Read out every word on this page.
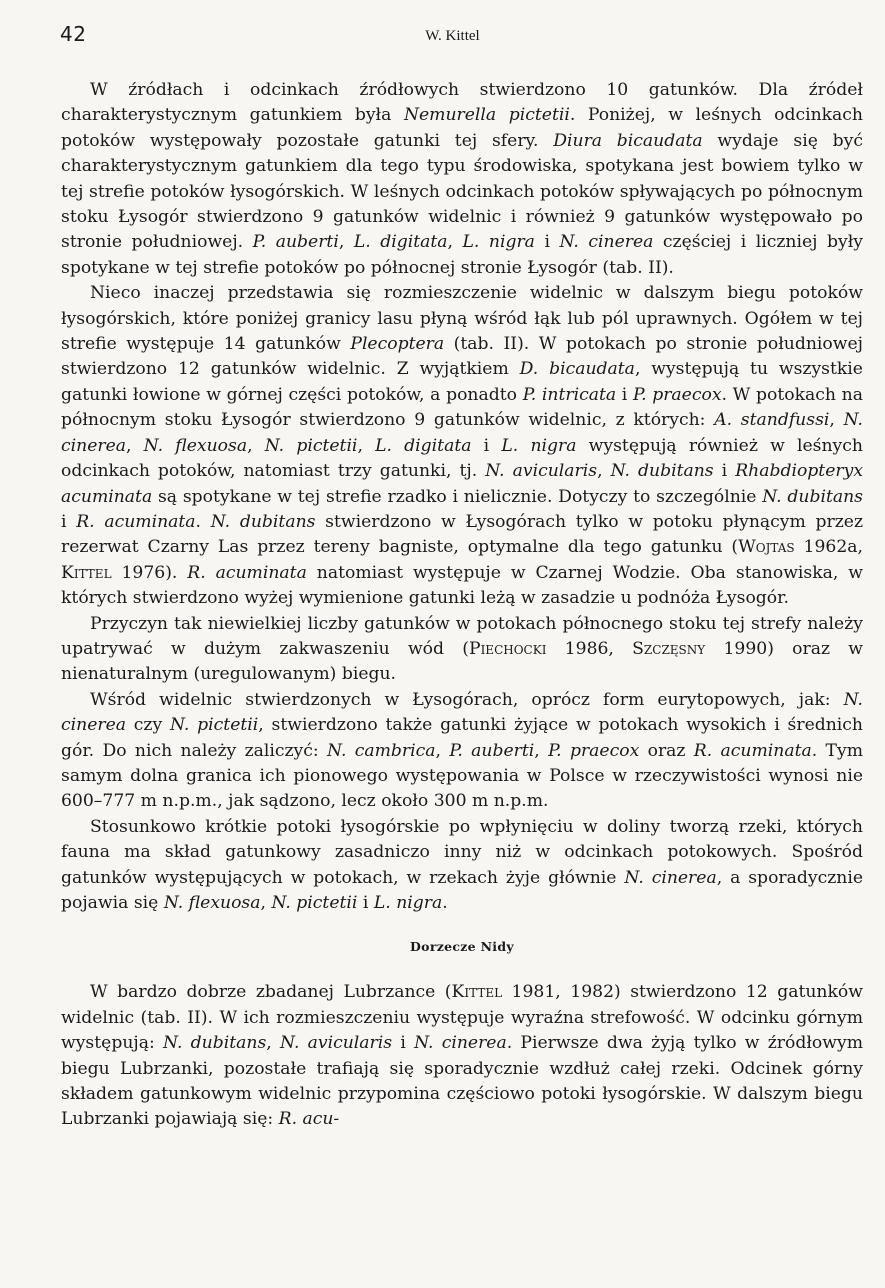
42	W. Kittel

W źródłach i odcinkach źródłowych stwierdzono 10 gatunków. Dla źródeł charakterystycznym gatunkiem była Nemurella pictetii. Poniżej, w leśnych odcinkach potoków występowały pozostałe gatunki tej sfery. Diura bicaudata wydaje się być charakterystycznym gatunkiem dla tego typu środowiska, spotykana jest bowiem tylko w tej strefie potoków łysogórskich. W leśnych odcinkach potoków spływających po północnym stoku Łysogór stwierdzono 9 gatunków widelnic i również 9 gatunków występowało po stronie południowej. P. auberti, L. digitata, L. nigra i N. cinerea częściej i liczniej były spotykane w tej strefie potoków po północnej stronie Łysogór (tab. II).

Nieco inaczej przedstawia się rozmieszczenie widelnic w dalszym biegu potoków łysogórskich, które poniżej granicy lasu płyną wśród łąk lub pól uprawnych. Ogółem w tej strefie występuje 14 gatunków Plecoptera (tab. II). W potokach po stronie południowej stwierdzono 12 gatunków widelnic. Z wyjątkiem D. bicaudata, występują tu wszystkie gatunki łowione w górnej części potoków, a ponadto P. intricata i P. praecox. W potokach na północnym stoku Łysogór stwierdzono 9 gatunków widelnic, z których: A. standfussi, N. cinerea, N. flexuosa, N. pictetii, L. digitata i L. nigra występują również w leśnych odcinkach potoków, natomiast trzy gatunki, tj. N. avicularis, N. dubitans i Rhabdiopteryx acuminata są spotykane w tej strefie rzadko i nielicznie. Dotyczy to szczególnie N. dubitans i R. acuminata. N. dubitans stwierdzono w Łysogórach tylko w potoku płynącym przez rezerwat Czarny Las przez tereny bagniste, optymalne dla tego gatunku (Wojtas 1962a, Kittel 1976). R. acuminata natomiast występuje w Czarnej Wodzie. Oba stanowiska, w których stwierdzono wyżej wymienione gatunki leżą w zasadzie u podnóża Łysogór.

Przyczyn tak niewielkiej liczby gatunków w potokach północnego stoku tej strefy należy upatrywać w dużym zakwaszeniu wód (Piechocki 1986, Szczęsny 1990) oraz w nienaturalnym (uregulowanym) biegu.

Wśród widelnic stwierdzonych w Łysogórach, oprócz form eurytopowych, jak: N. cinerea czy N. pictetii, stwierdzono także gatunki żyjące w potokach wysokich i średnich gór. Do nich należy zaliczyć: N. cambrica, P. auberti, P. praecox oraz R. acuminata. Tym samym dolna granica ich pionowego występowania w Polsce w rzeczywistości wynosi nie 600–777 m n.p.m., jak sądzono, lecz około 300 m n.p.m.

Stosunkowo krótkie potoki łysogórskie po wpłynięciu w doliny tworzą rzeki, których fauna ma skład gatunkowy zasadniczo inny niż w odcinkach potokowych. Spośród gatunków występujących w potokach, w rzekach żyje głównie N. cinerea, a sporadycznie pojawia się N. flexuosa, N. pictetii i L. nigra.

Dorzecze Nidy

W bardzo dobrze zbadanej Lubrzance (Kittel 1981, 1982) stwierdzono 12 gatunków widelnic (tab. II). W ich rozmieszczeniu występuje wyraźna strefowość. W odcinku górnym występują: N. dubitans, N. avicularis i N. cinerea. Pierwsze dwa żyją tylko w źródłowym biegu Lubrzanki, pozostałe trafiają się sporadycznie wzdłuż całej rzeki. Odcinek górny składem gatunkowym widelnic przypomina częściowo potoki łysogórskie. W dalszym biegu Lubrzanki pojawiają się: R. acu-
